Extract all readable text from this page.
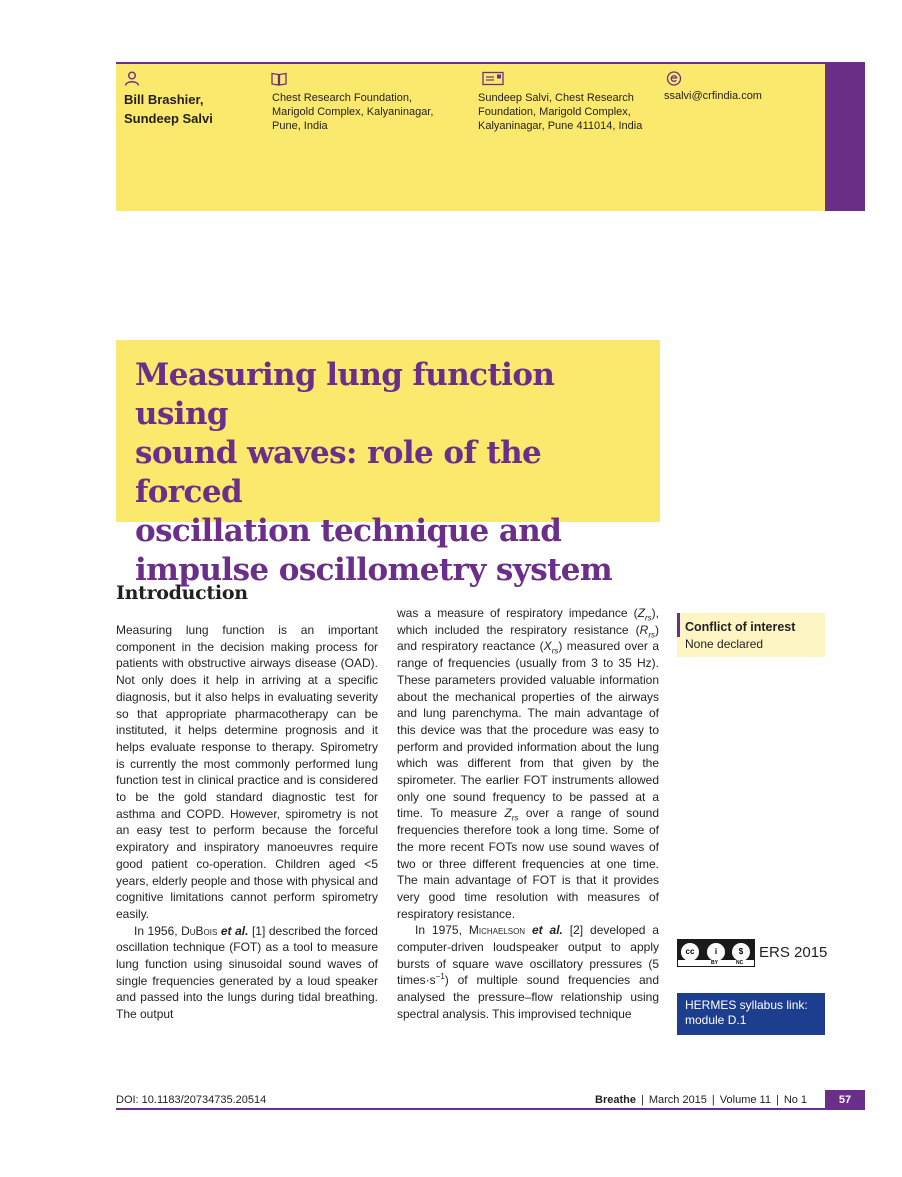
Bill Brashier,
Sundeep Salvi
Chest Research Foundation,
Marigold Complex, Kalyaninagar,
Pune, India
Sundeep Salvi, Chest Research
Foundation, Marigold Complex,
Kalyaninagar, Pune 411014, India
ssalvi@crfindia.com
Measuring lung function using
sound waves: role of the forced
oscillation technique and
impulse oscillometry system
Introduction

Measuring lung function is an important component in the decision making process for patients with obstructive airways disease (OAD). Not only does it help in arriving at a specific diagnosis, but it also helps in evaluating severity so that appropriate pharmacotherapy can be instituted, it helps determine prognosis and it helps evaluate response to therapy. Spirometry is currently the most commonly performed lung function test in clinical practice and is considered to be the gold standard diagnostic test for asthma and COPD. However, spirometry is not an easy test to perform because the forceful expiratory and inspiratory manoeuvres require good patient co-operation. Children aged <5 years, elderly people and those with physical and cognitive limitations cannot perform spirometry easily.

In 1956, DuBois et al. [1] described the forced oscillation technique (FOT) as a tool to measure lung function using sinusoidal sound waves of single frequencies generated by a loud speaker and passed into the lungs during tidal breathing. The output

was a measure of respiratory impedance $(Z_{rs})$, which included the respiratory resistance $(R_{rs})$ and respiratory reactance $(X_{rs})$ measured over a range of frequencies (usually from 3 to 35 Hz). These parameters provided valuable information about the mechanical properties of the airways and lung parenchyma. The main advantage of this device was that the procedure was easy to perform and provided information about the lung which was different from that given by the spirometer. The earlier FOT instruments allowed only one sound frequency to be passed at a time. To measure $Z_{rs}$ over a range of sound frequencies therefore took a long time. Some of the more recent FOTs now use sound waves of two or three different frequencies at one time. The main advantage of FOT is that it provides very good time resolution with measures of respiratory resistance.

In 1975, Michaelson et al. [2] developed a computer-driven loudspeaker output to apply bursts of square wave oscillatory pressures (5 $times\cdot s^{-1}$) of multiple sound frequencies and analysed the pressure–flow relationship using spectral analysis. This improvised technique

Conflict of interest
None declared
cc	i	$
BY	NC
ERS 2015
HERMES syllabus link: module D.1
DOI: 10.1183/20734735.20514	Breathe | March 2015 | Volume 11 | No 1	57
